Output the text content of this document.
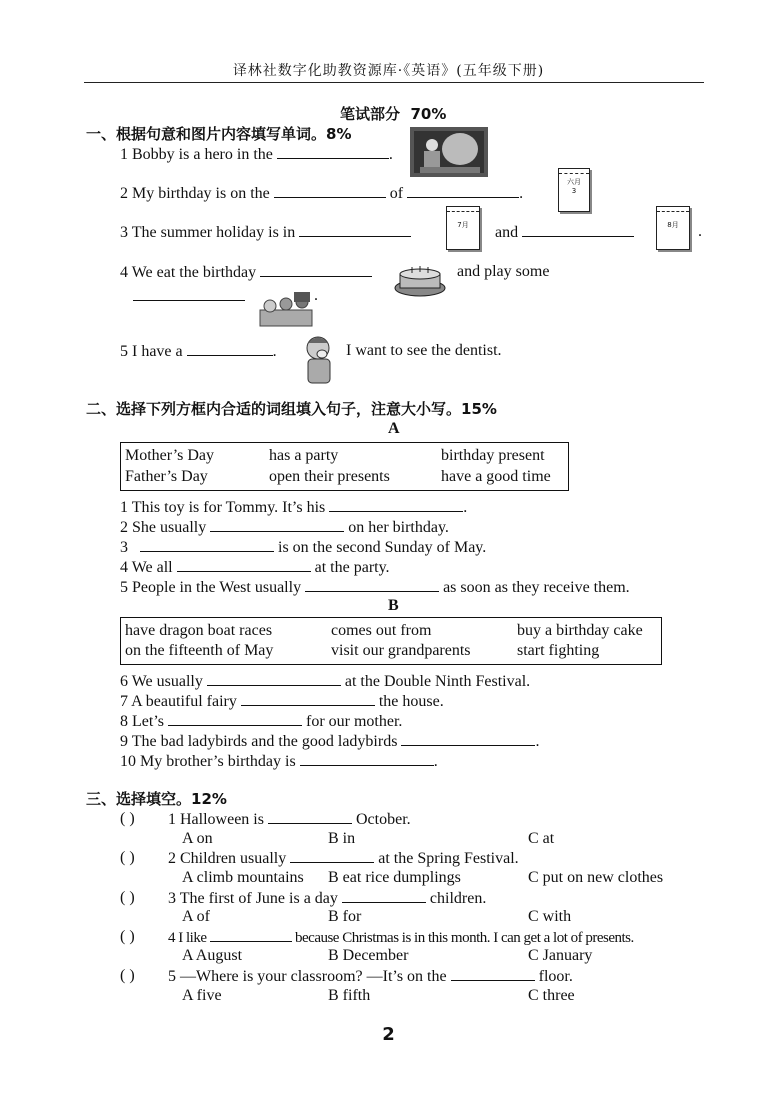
译林社数字化助教资源库·《英语》(五年级下册)
笔试部分 70%
一、根据句意和图片内容填写单词。8%
1 Bobby is a hero in the	.
2 My birthday is on the	of	.
六月
3
3 The summer holiday is in	7月	and	8月	.
4 We eat the birthday	and play some
.
5 I have a	.	I want to see the dentist.
二、选择下列方框内合适的词组填入句子，注意大小写。15%
A
Mother’s Day	has a party	birthday present
Father’s Day	open their presents	have a good time
1 This toy is for Tommy. It’s his	.
2 She usually	on her birthday.
3	is on the second Sunday of May.
4 We all	at the party.
5 People in the West usually	as soon as they receive them.
B
have dragon boat races	comes out from	buy a birthday cake
on the fifteenth of May	visit our grandparents	start fighting
6 We usually	at the Double Ninth Festival.
7 A beautiful fairy	the house.
8 Let’s	for our mother.
9 The bad ladybirds and the good ladybirds	.
10 My brother’s birthday is	.
三、选择填空。12%
( ) 1 Halloween is	October.
A on	B in	C at
( ) 2 Children usually	at the Spring Festival.
A climb mountains B eat rice dumplings	C put on new clothes
( ) 3 The first of June is a day	children.
A of	B for	C with
( ) 4 I like	because Christmas is in this month. I can get a lot of presents.
A August	B December	C January
( ) 5 —Where is your classroom? —It’s on the	floor.
A five	B fifth	C three
2
